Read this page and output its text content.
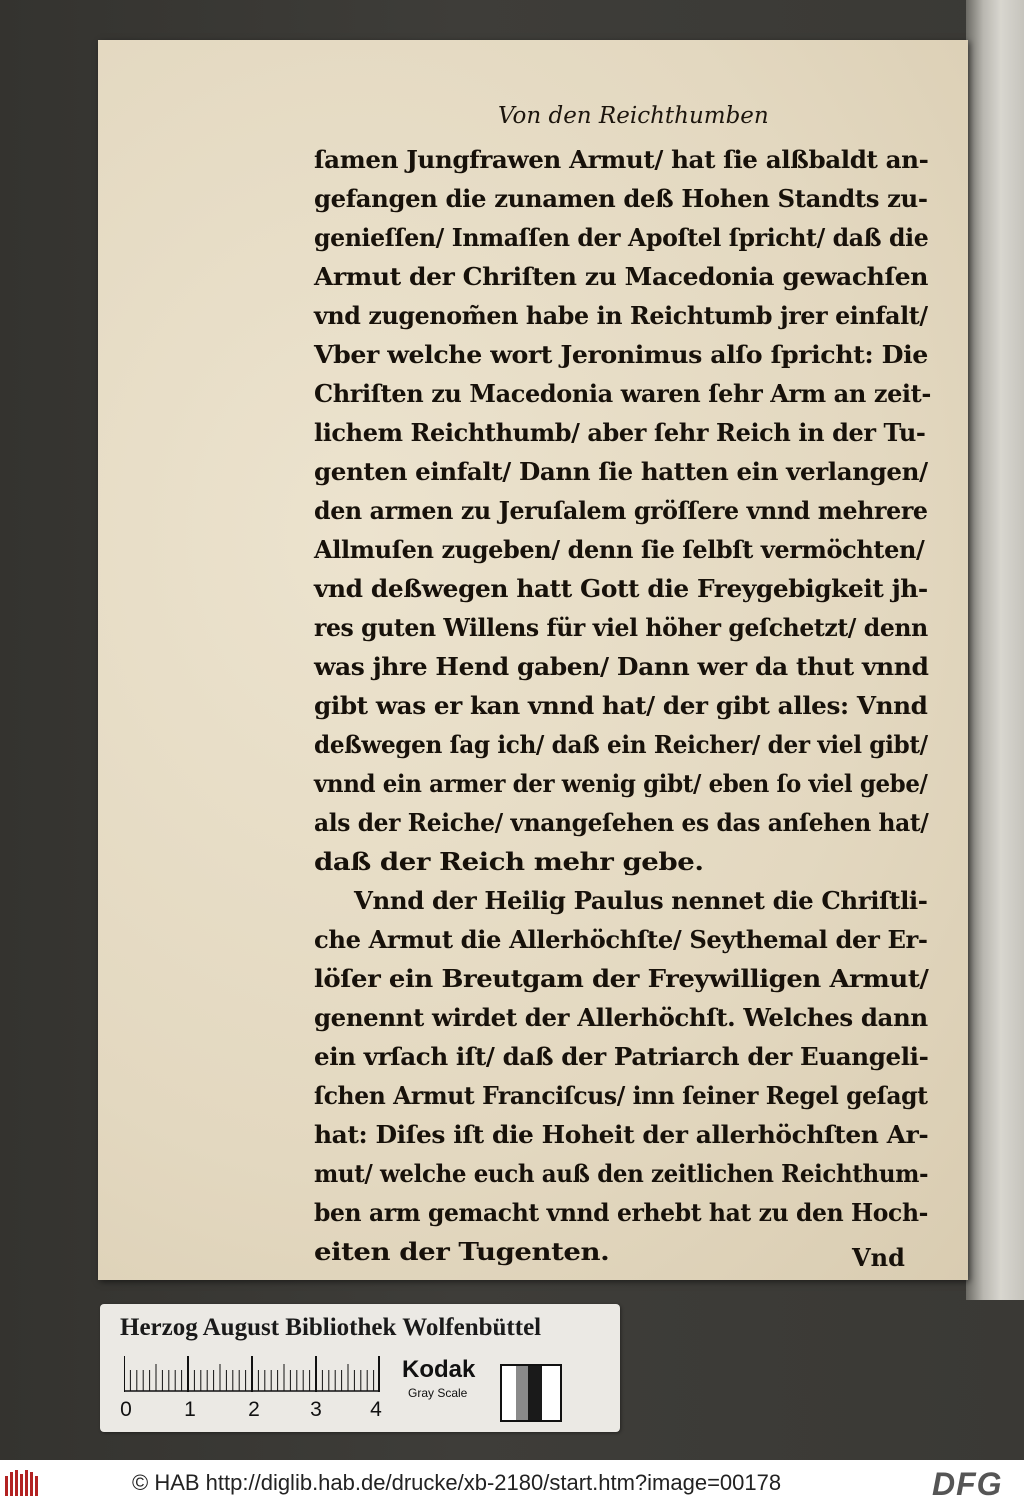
Von den Reichthumben
ſamen Jungfrawen Armut/ hat ſie alßbaldt an-
gefangen die zunamen deß Hohen Standts zu-
genieſſen/ Inmaſſen der Apoſtel ſpricht/ daß die
Armut der Chriſten zu Macedonia gewachſen
vnd zugenom̃en habe in Reichtumb jrer einfalt/
Vber welche wort Jeronimus alſo ſpricht: Die
Chriſten zu Macedonia waren ſehr Arm an zeit-
lichem Reichthumb/ aber ſehr Reich in der Tu-
genten einfalt/ Dann ſie hatten ein verlangen/
den armen zu Jeruſalem gröſſere vnnd mehrere
Allmuſen zugeben/ denn ſie ſelbſt vermöchten/
vnd deßwegen hatt Gott die Freygebigkeit jh-
res guten Willens für viel höher geſchetzt/ denn
was jhre Hend gaben/ Dann wer da thut vnnd
gibt was er kan vnnd hat/ der gibt alles: Vnnd
deßwegen ſag ich/ daß ein Reicher/ der viel gibt/
vnnd ein armer der wenig gibt/ eben ſo viel gebe/
als der Reiche/ vnangeſehen es das anſehen hat/
daß der Reich mehr gebe.
Vnnd der Heilig Paulus nennet die Chriſtli-
che Armut die Allerhöchſte/ Seythemal der Er-
löſer ein Breutgam der Freywilligen Armut/
genennt wirdet der Allerhöchſt. Welches dann
ein vrſach iſt/ daß der Patriarch der Euangeli-
ſchen Armut Franciſcus/ inn ſeiner Regel geſagt
hat: Diſes iſt die Hoheit der allerhöchſten Ar-
mut/ welche euch auß den zeitlichen Reichthum-
ben arm gemacht vnnd erhebt hat zu den Hoch-
eiten der Tugenten.	Vnd
Herzog August Bibliothek Wolfenbüttel
0 1 2 3 4
Kodak
Gray Scale
© HAB http://diglib.hab.de/drucke/xb-2180/start.htm?image=00178	DFG
